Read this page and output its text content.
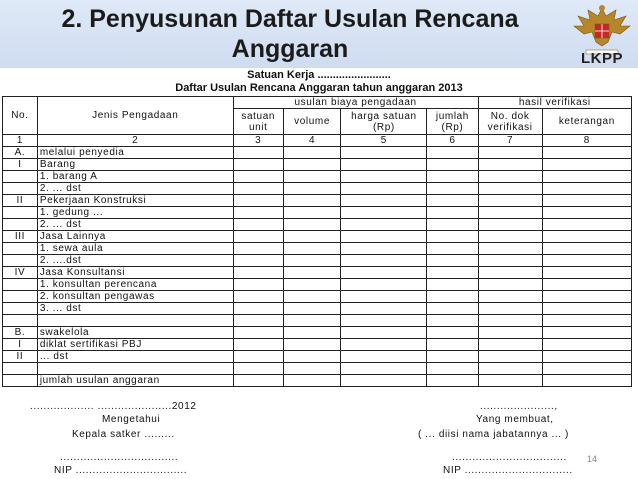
2. Penyusunan Daftar Usulan Rencana
Anggaran	LKPP
Satuan Kerja ........................
Daftar Usulan Rencana Anggaran tahun anggaran 2013
No.	Jenis Pengadaan	usulan biaya pengadaan				hasil verifikasi	
		satuan unit	volume	harga satuan (Rp)	jumlah (Rp)	No. dok verifikasi	keterangan
1	2	3	4	5	6	7	8
A.	melalui penyedia						
I	Barang						
	1. barang A						
	2. ... dst						
II	Pekerjaan Konstruksi						
	1. gedung ...						
	2. ... dst						
III	Jasa Lainnya						
	1. sewa aula						
	2. ....dst						
IV	Jasa Konsultansi						
	1. konsultan perencana						
	2. konsultan pengawas						
	3. ... dst						

B.	swakelola						
I	diklat sertifikasi PBJ						
II	... dst						

	jumlah usulan anggaran						
................... ......................2012	......................,
Mengetahui
Kepala satker .........
Yang membuat,
( ... diisi nama jabatannya ... )
...................................	..................................
NIP .................................	NIP ................................
14
